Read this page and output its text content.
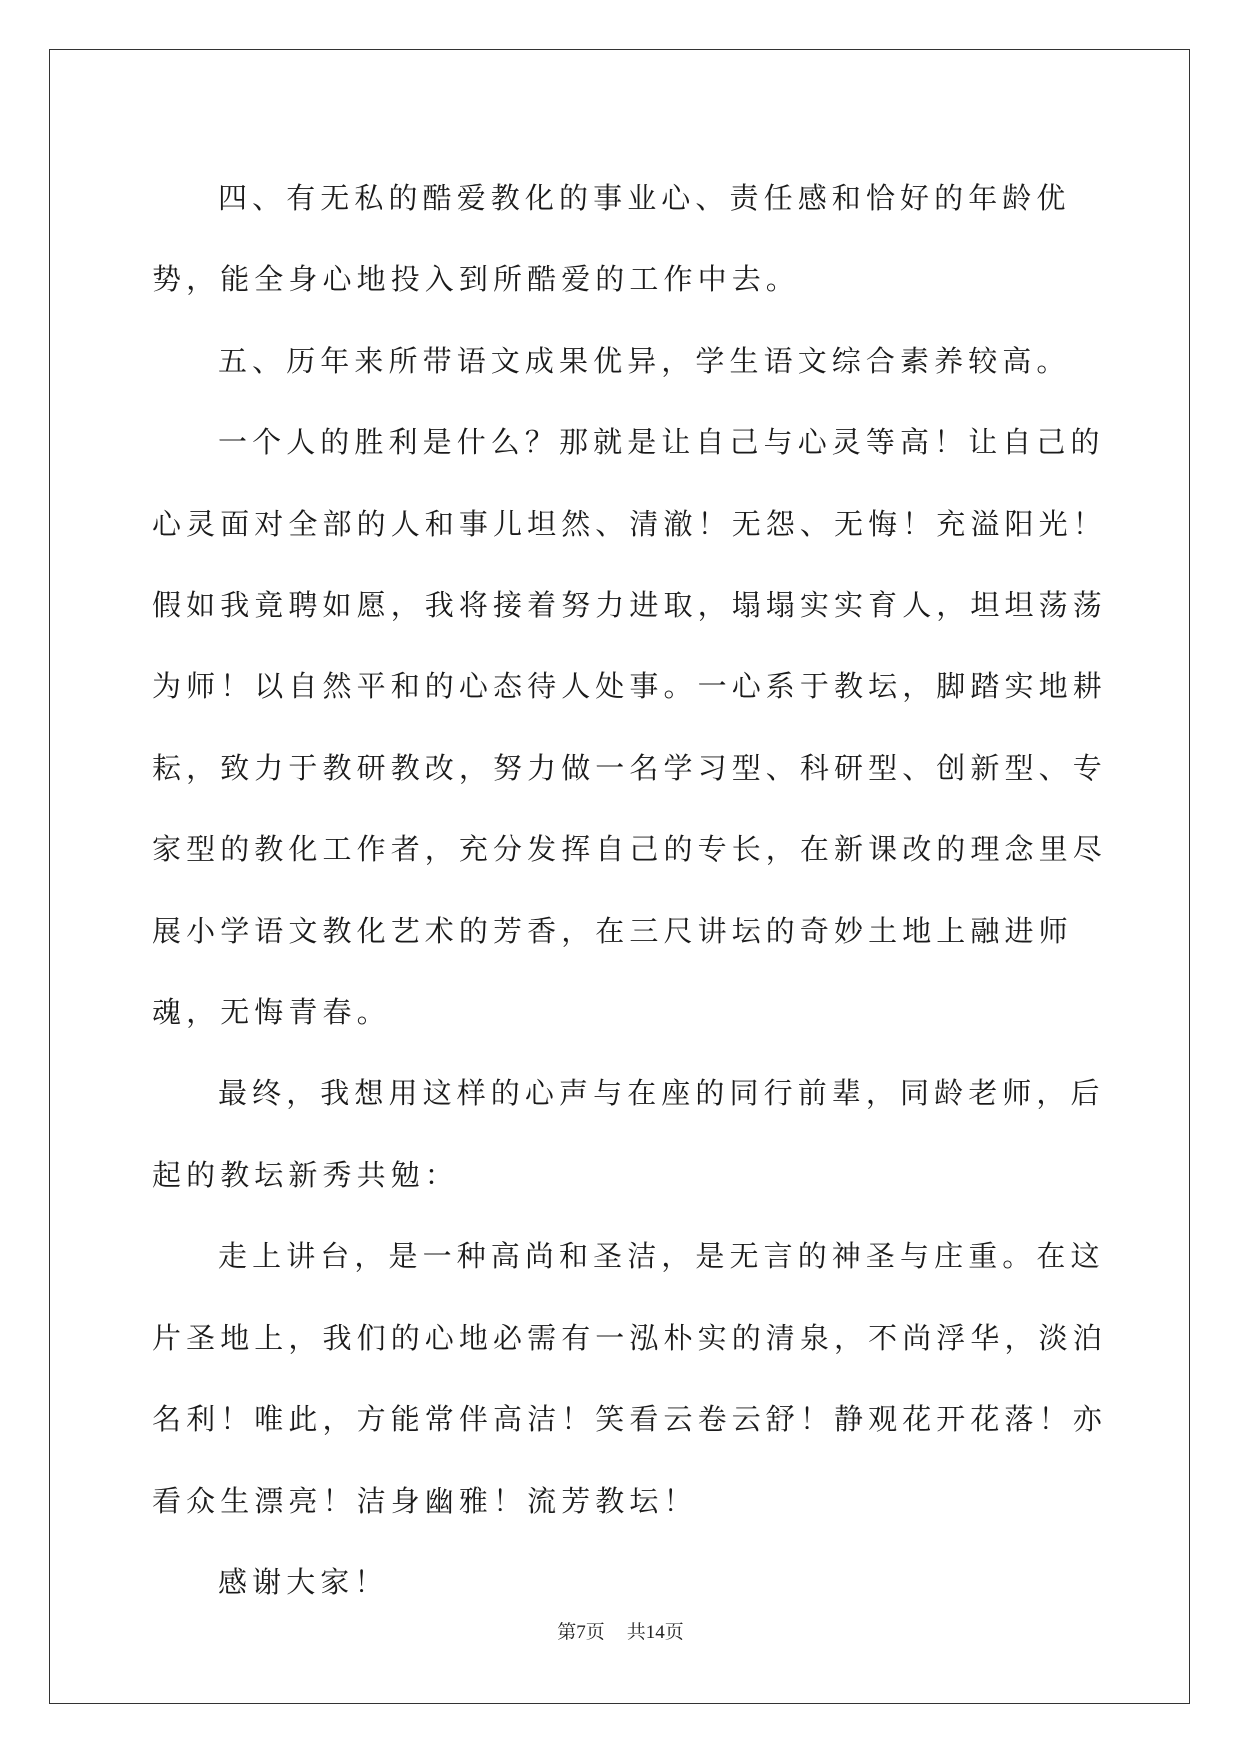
四、有无私的酷爱教化的事业心、责任感和恰好的年龄优势，能全身心地投入到所酷爱的工作中去。

五、历年来所带语文成果优异，学生语文综合素养较高。

一个人的胜利是什么？那就是让自己与心灵等高！让自己的心灵面对全部的人和事儿坦然、清澈！无怨、无悔！充溢阳光！假如我竟聘如愿，我将接着努力进取，塌塌实实育人，坦坦荡荡为师！以自然平和的心态待人处事。一心系于教坛，脚踏实地耕耘，致力于教研教改，努力做一名学习型、科研型、创新型、专家型的教化工作者，充分发挥自己的专长，在新课改的理念里尽展小学语文教化艺术的芳香，在三尺讲坛的奇妙土地上融进师魂，无悔青春。

最终，我想用这样的心声与在座的同行前辈，同龄老师，后起的教坛新秀共勉：

走上讲台，是一种高尚和圣洁，是无言的神圣与庄重。在这片圣地上，我们的心地必需有一泓朴实的清泉，不尚浮华，淡泊名利！唯此，方能常伴高洁！笑看云卷云舒！静观花开花落！亦看众生漂亮！洁身幽雅！流芳教坛！

感谢大家！

第7页 共14页
